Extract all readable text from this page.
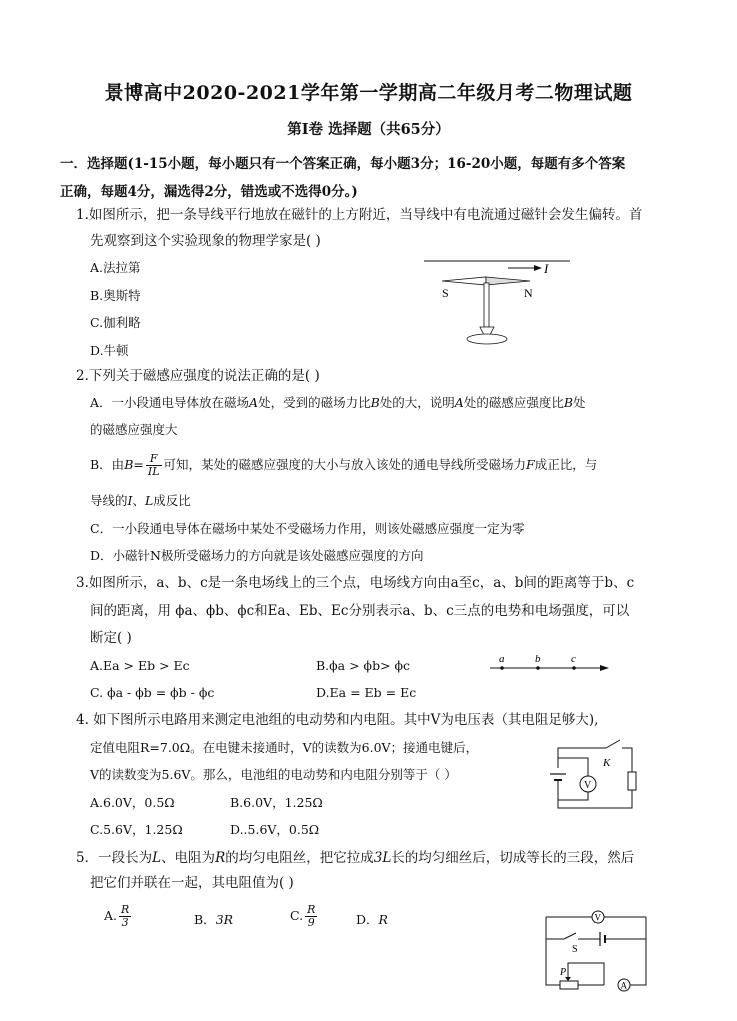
景博高中2020-2021学年第一学期高二年级月考二物理试题
第Ⅰ卷 选择题（共65分）
一．选择题(1-15小题，每小题只有一个答案正确，每小题3分；16-20小题，每题有多个答案
正确，每题4分，漏选得2分，错选或不选得0分。)
1.如图所示，把一条导线平行地放在磁针的上方附近，当导线中有电流通过磁针会发生偏转。首
先观察到这个实验现象的物理学家是( )
A.法拉第
B.奥斯特
C.伽利略
D.牛顿
I
S	N
2.下列关于磁感应强度的说法正确的是( )
A．一小段通电导体放在磁场A处，受到的磁场力比B处的大，说明A处的磁感应强度比B处
的磁感应强度大
B．由$B= \frac{F}{IL}$ 可知，某处的磁感应强度的大小与放入该处的通电导线所受磁场力F成正比，与
导线的I、L成反比
C．一小段通电导体在磁场中某处不受磁场力作用，则该处磁感应强度一定为零
D．小磁针N极所受磁场力的方向就是该处磁感应强度的方向
3.如图所示，a、b、c是一条电场线上的三个点，电场线方向由a至c，a、b间的距离等于b、c
间的距离，用 ϕa、ϕb、ϕc和Ea、Eb、Ec分别表示a、b、c三点的电势和电场强度，可以
断定( )
A.Ea > Eb > Ec	B.ϕa > ϕb> ϕc
C. ϕa - ϕb = ϕb - ϕc	D.Ea = Eb = Ec
a	b	c
4. 如下图所示电路用来测定电池组的电动势和内电阻。其中V为电压表（其电阻足够大),
定值电阻R=7.0Ω。在电键未接通时，V的读数为6.0V；接通电键后，
V的读数变为5.6V。那么，电池组的电动势和内电阻分别等于（ ）
A.6.0V，0.5Ω	B.6.0V，1.25Ω
C.5.6V，1.25Ω	D..5.6V，0.5Ω
K
V
5．一段长为L、电阻为R的均匀电阻丝，把它拉成3L长的均匀细丝后，切成等长的三段，然后
把它们并联在一起，其电阻值为( )
A. $\frac{R}{3}$	B．3R	C. $\frac{R}{9}$	D．R	V
S
P
A
